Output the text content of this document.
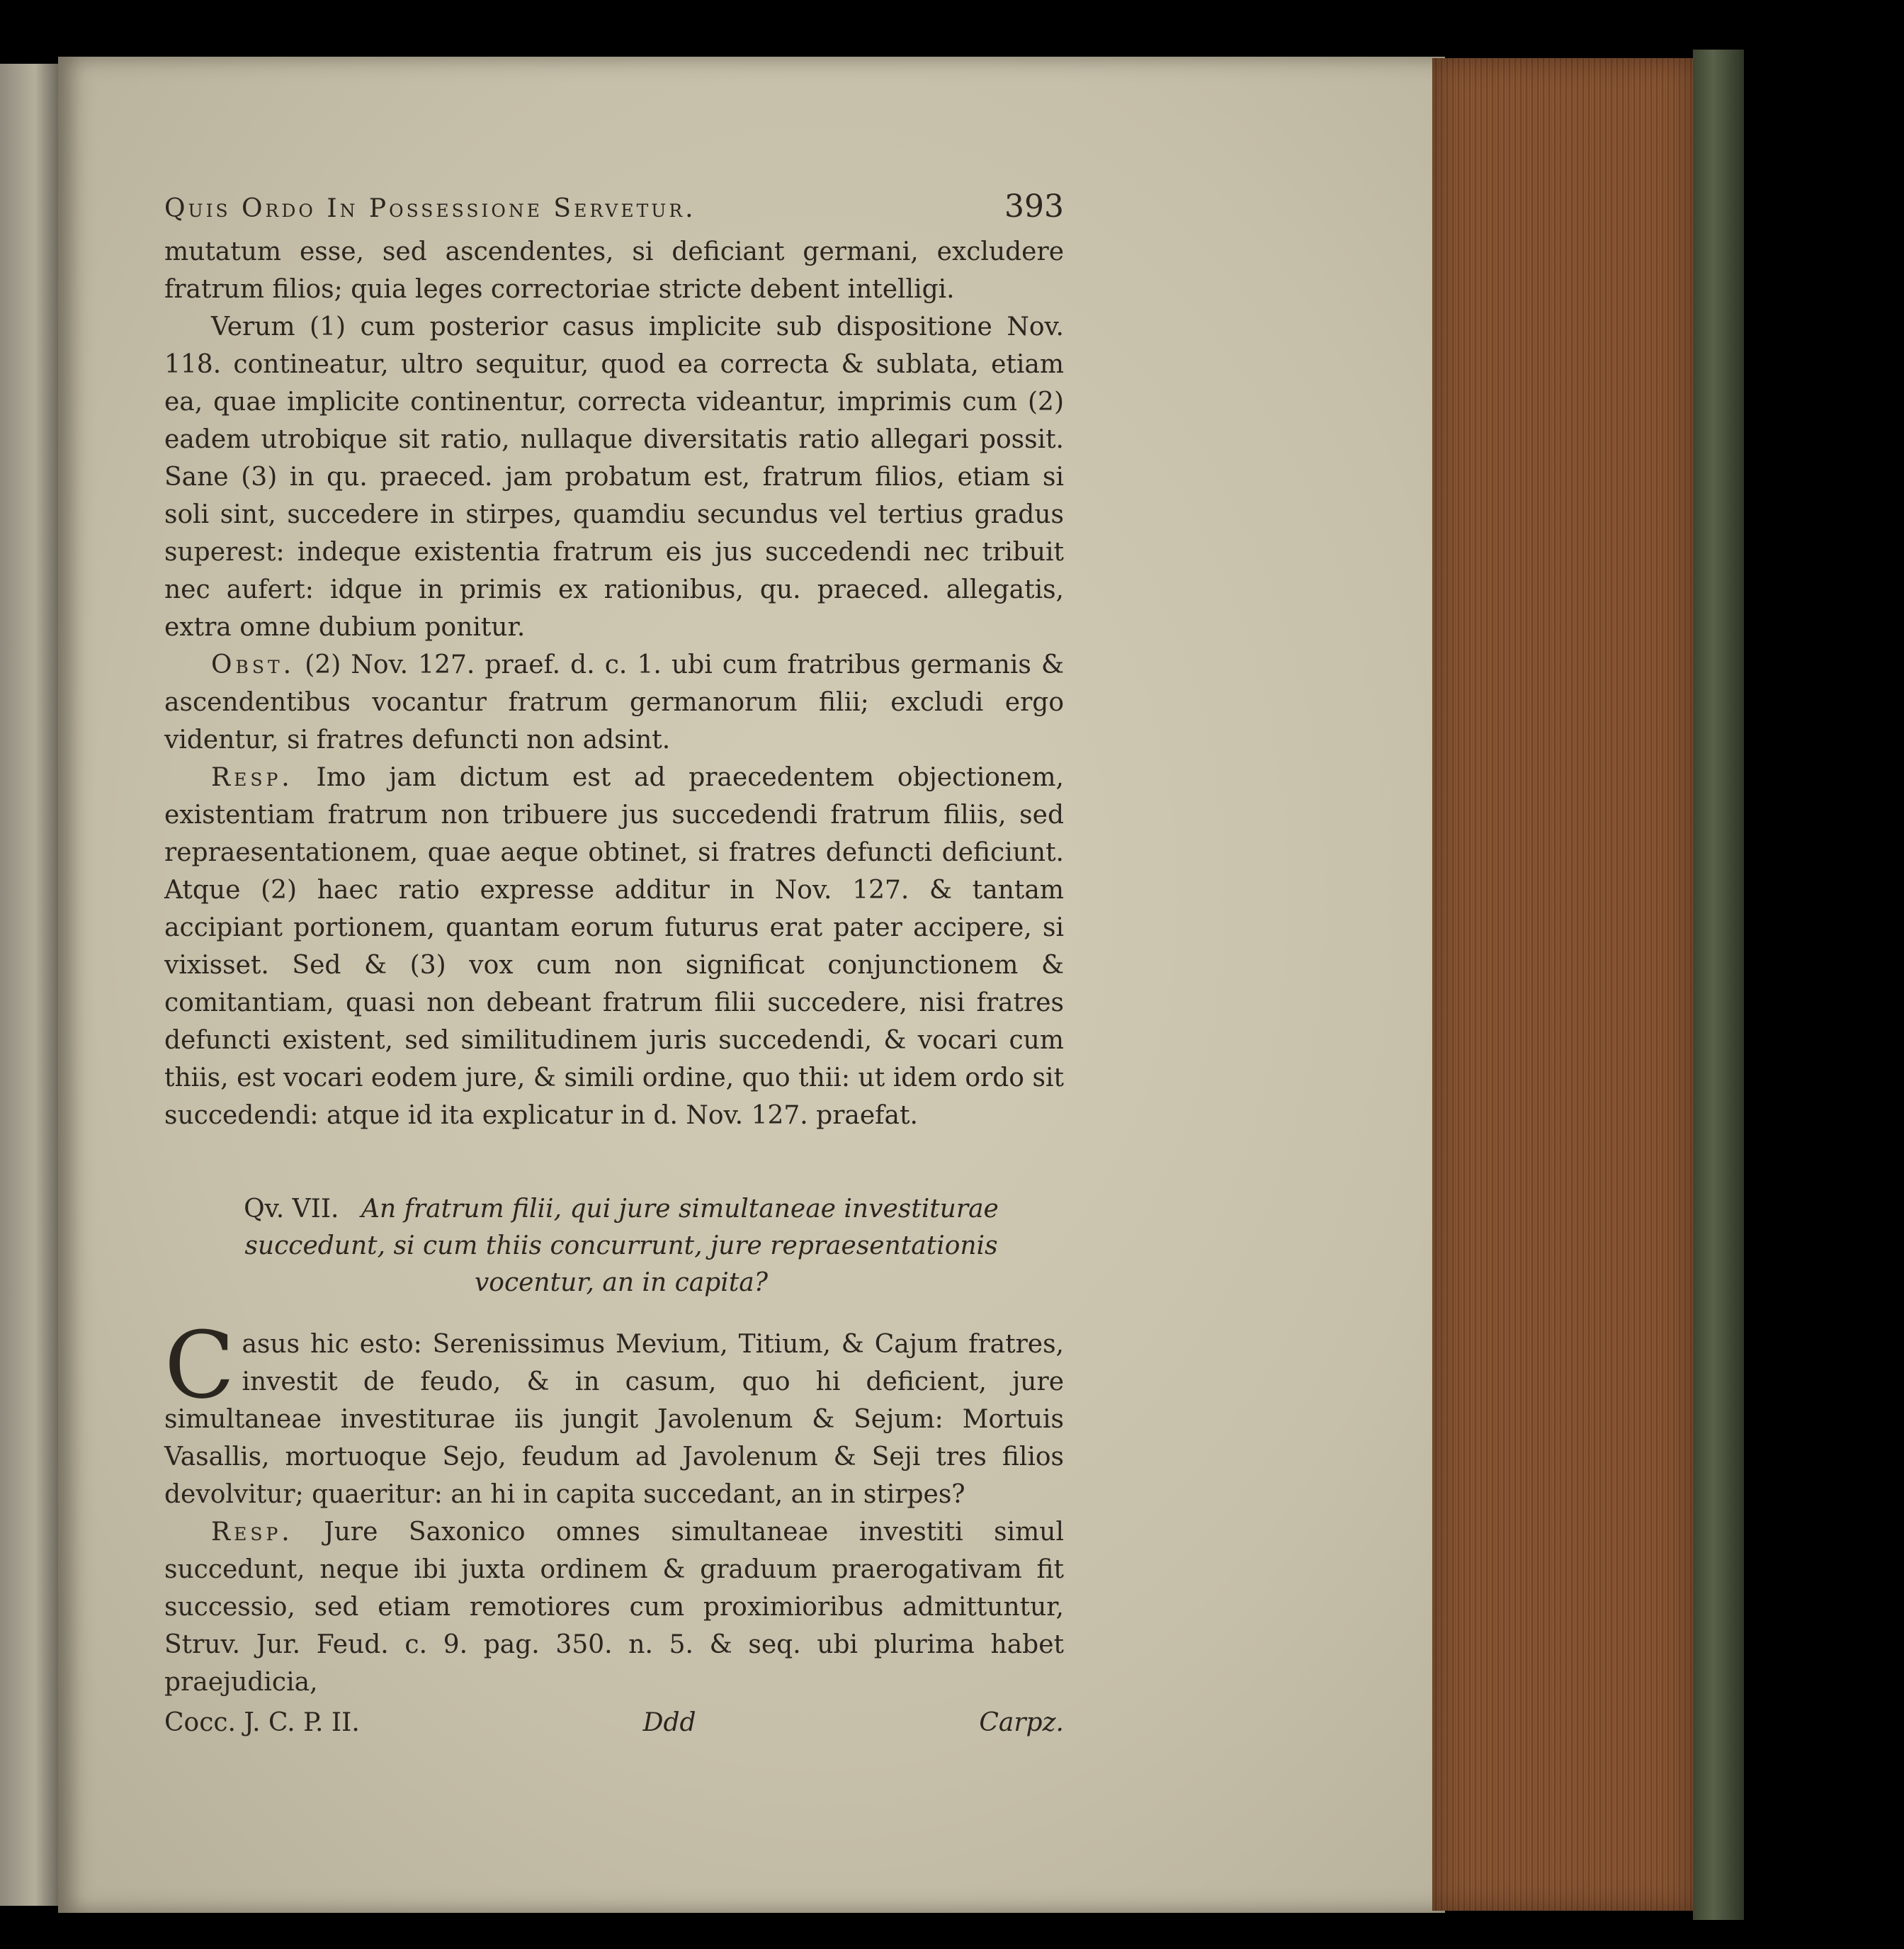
Quis Ordo In Possessione Servetur.	393

mutatum esse, sed ascendentes, si deficiant germani, excludere fratrum filios; quia leges correctoriae stricte debent intelligi.

Verum (1) cum posterior casus implicite sub dispositione Nov. 118. contineatur, ultro sequitur, quod ea correcta & sublata, etiam ea, quae implicite continentur, correcta videantur, imprimis cum (2) eadem utrobique sit ratio, nullaque diversitatis ratio allegari possit. Sane (3) in qu. praeced. jam probatum est, fratrum filios, etiam si soli sint, succedere in stirpes, quamdiu secundus vel tertius gradus superest: indeque existentia fratrum eis jus succedendi nec tribuit nec aufert: idque in primis ex rationibus, qu. praeced. allegatis, extra omne dubium ponitur.

Obst. (2) Nov. 127. praef. d. c. 1. ubi cum fratribus germanis & ascendentibus vocantur fratrum germanorum filii; excludi ergo videntur, si fratres defuncti non adsint.

Resp. Imo jam dictum est ad praecedentem objectionem, existentiam fratrum non tribuere jus succedendi fratrum filiis, sed repraesentationem, quae aeque obtinet, si fratres defuncti deficiunt. Atque (2) haec ratio expresse additur in Nov. 127. & tantam accipiant portionem, quantam eorum futurus erat pater accipere, si vixisset. Sed & (3) vox cum non significat conjunctionem & comitantiam, quasi non debeant fratrum filii succedere, nisi fratres defuncti existent, sed similitudinem juris succedendi, & vocari cum thiis, est vocari eodem jure, & simili ordine, quo thii: ut idem ordo sit succedendi: atque id ita explicatur in d. Nov. 127. praefat.

Qv. VII. An fratrum filii, qui jure simultaneae investiturae succedunt, si cum thiis concurrunt, jure repraesentationis vocentur, an in capita?

C asus hic esto: Serenissimus Mevium, Titium, & Cajum fratres, investit de feudo, & in casum, quo hi deficient, jure simultaneae investiturae iis jungit Javolenum & Sejum: Mortuis Vasallis, mortuoque Sejo, feudum ad Javolenum & Seji tres filios devolvitur; quaeritur: an hi in capita succedant, an in stirpes?

Resp. Jure Saxonico omnes simultaneae investiti simul succedunt, neque ibi juxta ordinem & graduum praerogativam fit successio, sed etiam remotiores cum proximioribus admittuntur, Struv. Jur. Feud. c. 9. pag. 350. n. 5. & seq. ubi plurima habet praejudicia,

Cocc. J. C. P. II.	Ddd	Carpz.
